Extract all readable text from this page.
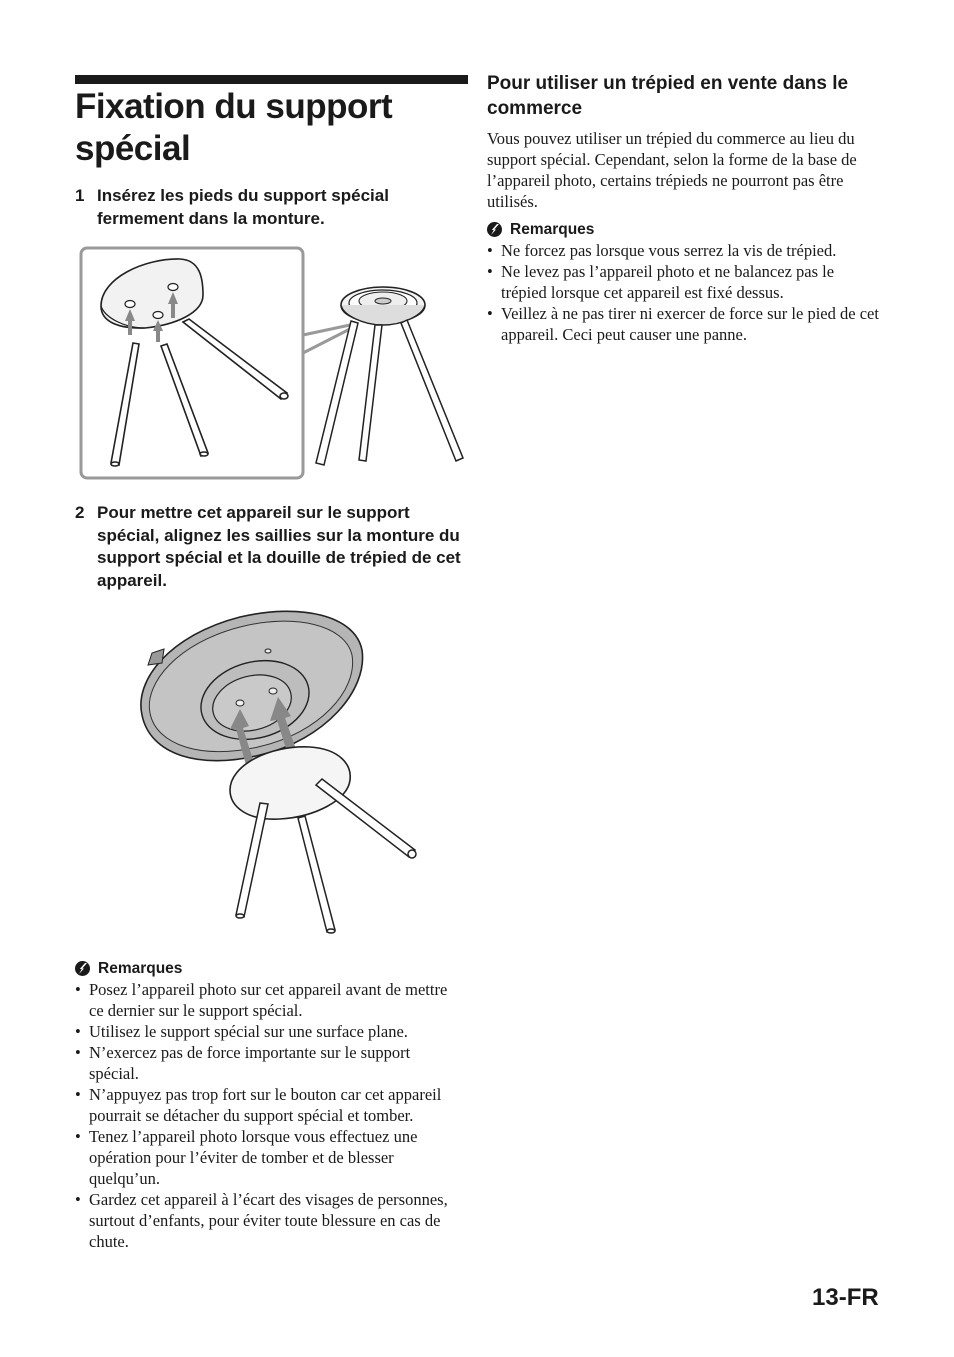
Fixation du support spécial
1 Insérez les pieds du support spécial fermement dans la monture.
2 Pour mettre cet appareil sur le support spécial, alignez les saillies sur la monture du support spécial et la douille de trépied de cet appareil.
Remarques
• Posez l’appareil photo sur cet appareil avant de mettre ce dernier sur le support spécial.
• Utilisez le support spécial sur une surface plane.
• N’exercez pas de force importante sur le support spécial.
• N’appuyez pas trop fort sur le bouton car cet appareil pourrait se détacher du support spécial et tomber.
• Tenez l’appareil photo lorsque vous effectuez une opération pour l’éviter de tomber et de blesser quelqu’un.
• Gardez cet appareil à l’écart des visages de personnes, surtout d’enfants, pour éviter toute blessure en cas de chute.
Pour utiliser un trépied en vente dans le commerce

Vous pouvez utiliser un trépied du commerce au lieu du support spécial. Cependant, selon la forme de la base de l’appareil photo, certains trépieds ne pourront pas être utilisés.

Remarques
• Ne forcez pas lorsque vous serrez la vis de trépied.
• Ne levez pas l’appareil photo et ne balancez pas le trépied lorsque cet appareil est fixé dessus.
• Veillez à ne pas tirer ni exercer de force sur le pied de cet appareil. Ceci peut causer une panne.
13-FR
